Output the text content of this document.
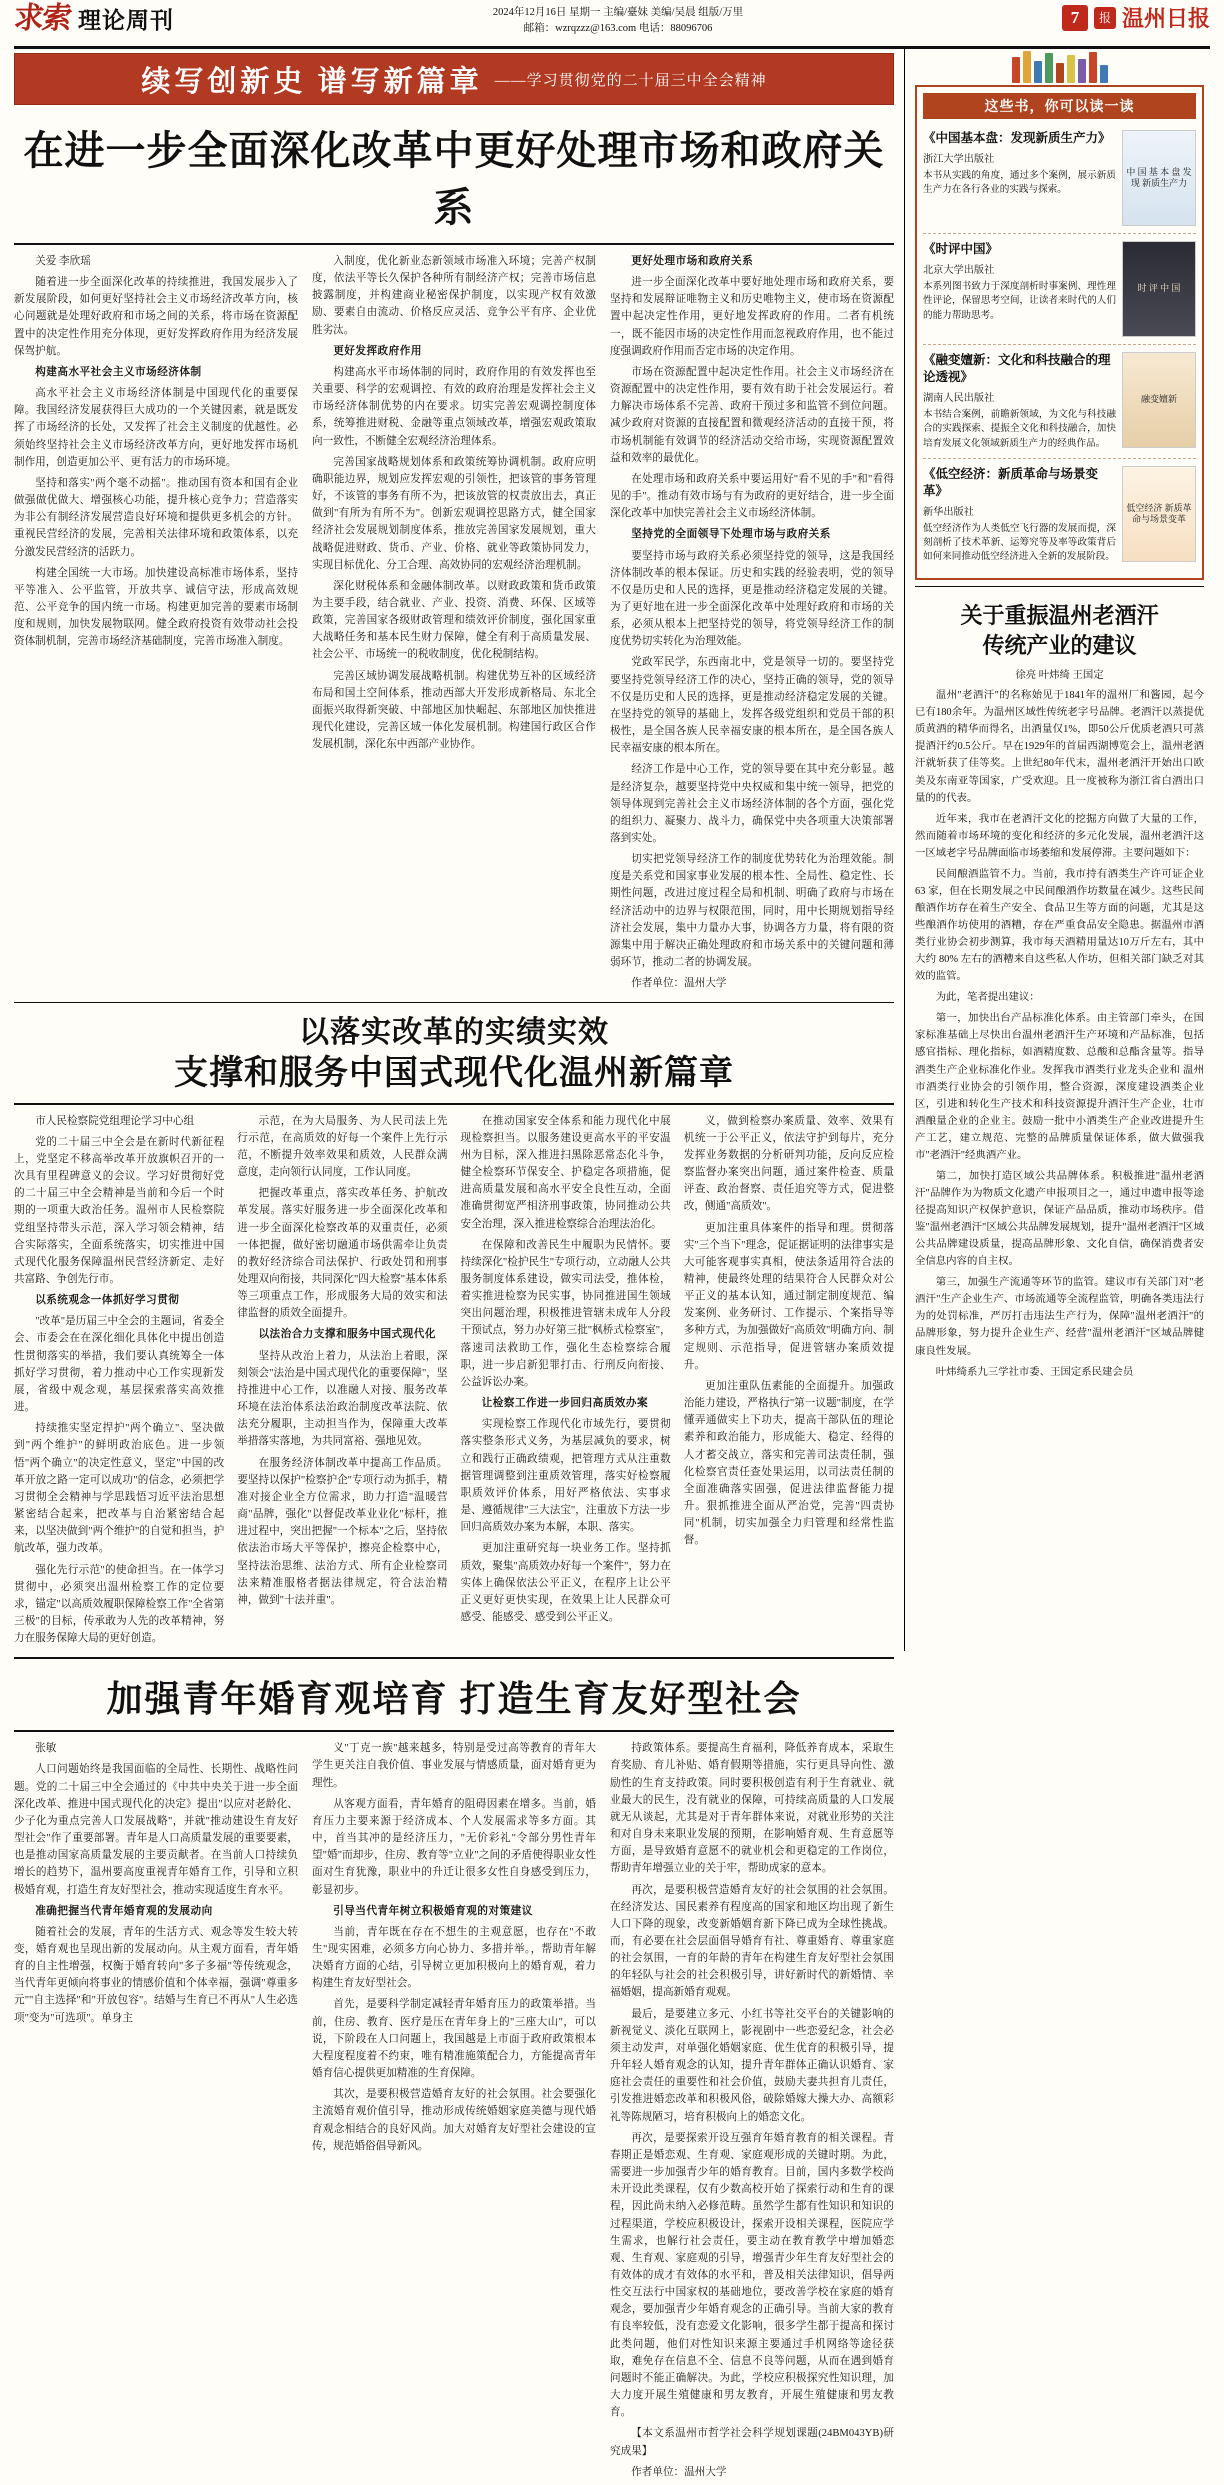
求索 理论周刊	2024年12月16日 星期一 主编/臺妹 美编/吴晨 组版/万里
邮箱：wzrqzzz@163.com 电话：88096706
7	报 温州日报
续写创新史 谱写新篇章 ——学习贯彻党的二十届三中全会精神
在进一步全面深化改革中更好处理市场和政府关系

关爱 李欣瑶

随着进一步全面深化改革的持续推进，我国发展步入了新发展阶段，如何更好坚持社会主义市场经济改革方向，核心问题就是处理好政府和市场之间的关系，将市场在资源配置中的决定性作用充分体现，更好发挥政府作用为经济发展保驾护航。

构建高水平社会主义市场经济体制

高水平社会主义市场经济体制是中国现代化的重要保障。我国经济发展获得巨大成功的一个关键因素，就是既发挥了市场经济的长处，又发挥了社会主义制度的优越性。必须始终坚持社会主义市场经济改革方向，更好地发挥市场机制作用，创造更加公平、更有活力的市场环境。

坚持和落实"两个毫不动摇"。推动国有资本和国有企业做强做优做大、增强核心功能，提升核心竞争力；营造落实为非公有制经济发展营造良好环境和提供更多机会的方针。重视民营经济的发展，完善相关法律环境和政策体系，以充分激发民营经济的活跃力。

构建全国统一大市场。加快建设高标准市场体系，坚持平等准入、公平监管，开放共享、诚信守法，形成高效规范、公平竞争的国内统一市场。构建更加完善的要素市场制度和规则，加快发展物联网。健全政府投资有效带动社会投资体制机制，完善市场经济基础制度，完善市场准入制度。

入制度，优化新业态新领域市场准入环境；完善产权制度，依法平等长久保护各种所有制经济产权；完善市场信息披露制度，并构建商业秘密保护制度，以实现产权有效激励、要素自由流动、价格反应灵活、竞争公平有序、企业优胜劣汰。

更好发挥政府作用

构建高水平市场体制的同时，政府作用的有效发挥也至关重要、科学的宏观调控、有效的政府治理是发挥社会主义市场经济体制优势的内在要求。切实完善宏观调控制度体系，统筹推进财税、金融等重点领域改革，增强宏观政策取向一致性，不断健全宏观经济治理体系。

完善国家战略规划体系和政策统筹协调机制。政府应明确职能边界，规划应发挥宏观的引领性，把该管的事务管理好，不该管的事务有所不为，把该放管的权责放出去，真正做到"有所为有所不为"。创新宏观调控思路方式，健全国家经济社会发展规划制度体系，推放完善国家发展规划，重大战略促进财政、货币、产业、价格、就业等政策协同发力，实现目标优化、分工合理、高效协同的宏观经济治理机制。

深化财税体系和金融体制改革。以财政政策和货币政策为主要手段，结合就业、产业、投资、消费、环保、区域等政策，完善国家各级财政管理和绩效评价制度，强化国家重大战略任务和基本民生财力保障，健全有利于高质量发展、社会公平、市场统一的税收制度，优化税制结构。

完善区域协调发展战略机制。构建优势互补的区域经济布局和国土空间体系，推动西部大开发形成新格局、东北全面振兴取得新突破、中部地区加快崛起、东部地区加快推进现代化建设，完善区域一体化发展机制。构建国行政区合作发展机制，深化东中西部产业协作。

更好处理市场和政府关系

进一步全面深化改革中要好地处理市场和政府关系，要坚持和发展辩证唯物主义和历史唯物主义，使市场在资源配置中起决定性作用，更好地发挥政府的作用。二者有机统一，既不能因市场的决定性作用而忽视政府作用，也不能过度强调政府作用而否定市场的决定作用。

市场在资源配置中起决定性作用。社会主义市场经济在资源配置中的决定性作用，要有效有助于社会发展运行。着力解决市场体系不完善、政府干预过多和监管不到位问题。减少政府对资源的直接配置和微观经济活动的直接干预，将市场机制能有效调节的经济活动交给市场，实现资源配置效益和效率的最优化。

在处理市场和政府关系中要运用好"看不见的手"和"看得见的手"。推动有效市场与有为政府的更好结合，进一步全面深化改革中加快完善社会主义市场经济体制。

坚持党的全面领导下处理市场与政府关系

要坚持市场与政府关系必须坚持党的领导，这是我国经济体制改革的根本保证。历史和实践的经验表明，党的领导不仅是历史和人民的选择，更是推动经济稳定发展的关键。为了更好地在进一步全面深化改革中处理好政府和市场的关系，必须从根本上把坚持党的领导，将党领导经济工作的制度优势切实转化为治理效能。

党政军民学，东西南北中，党是领导一切的。要坚持党要坚持党领导经济工作的决心，坚持正确的领导，党的领导不仅是历史和人民的选择，更是推动经济稳定发展的关键。在坚持党的领导的基础上，发挥各级党组织和党员干部的积极性，是全国各族人民幸福安康的根本所在，是全国各族人民幸福安康的根本所在。

经济工作是中心工作，党的领导要在其中充分彰显。越是经济复杂，越要坚持党中央权威和集中统一领导，把党的领导体现到完善社会主义市场经济体制的各个方面，强化党的组织力、凝聚力、战斗力，确保党中央各项重大决策部署落到实处。

切实把党领导经济工作的制度优势转化为治理效能。制度是关系党和国家事业发展的根本性、全局性、稳定性、长期性问题，改进过度过程全局和机制、明确了政府与市场在经济活动中的边界与权限范围，同时，用中长期规划指导经济社会发展，集中力量办大事，协调各方力量，将有限的资源集中用于解决正确处理政府和市场关系中的关键问题和薄弱环节，推动二者的协调发展。

作者单位：温州大学

以落实改革的实绩实效
支撑和服务中国式现代化温州新篇章

市人民检察院党组理论学习中心组

党的二十届三中全会是在新时代新征程上，党坚定不移高举改革开放旗帜召开的一次具有里程碑意义的会议。学习好贯彻好党的二十届三中全会精神是当前和今后一个时期的一项重大政治任务。温州市人民检察院党组坚持带头示范，深入学习领会精神，结合实际落实，全面系统落实，切实推进中国式现代化服务保障温州民营经济新定、走好共富路、争创先行市。

以系统观念一体抓好学习贯彻

"改革"是历届三中全会的主题词，省委全会、市委会在在深化细化具体化中提出创造性贯彻落实的举措，我们要认真统筹全一体抓好学习贯彻，着力推动中心工作实现新发展，省级中观念观，基层探索落实高效推进。

持续推实坚定捍护"两个确立"、坚决做到"两个维护"的鲜明政治底色。进一步领悟"两个确立"的决定性意义，坚定"中国的改革开放之路一定可以成功"的信念，必须把学习贯彻全会精神与学思践悟习近平法治思想紧密结合起来，把改革与自治紧密结合起来，以坚决做到"两个维护"的自觉和担当，护航改革，强力改革。

强化先行示范"的使命担当。在一体学习贯彻中，必须突出温州检察工作的定位要求，锚定"以高质效履职保障检察工作"全省第三极"的目标，传承敢为人先的改革精神，努力在服务保障大局的更好创造。

示范，在为大局服务、为人民司法上先行示范，在高质效的好每一个案件上先行示范，不断提升效率效果和质效，人民群众满意度，走向领行认同度，工作认同度。

把握改革重点，落实改革任务、护航改革发展。落实好服务进一步全面深化改革和进一步全面深化检察改革的双重责任，必须一体把握，做好密切融通市场供需牵让负责的教好经济综合司法保护、行政处罚和刑事处理双向衔接，共同深化"四大检察"基本体系等三项重点工作，形成服务大局的效实和法律监督的质效全面提升。

以法治合力支撑和服务中国式现代化

坚持从改治上着力，从法治上着眼，深刻领会"法治是中国式现代化的重要保障"，坚持推进中心工作，以准融人对接、服务改革环境在法治体系法治政治制度改革法院、依法充分履职，主动担当作为，保障重大改革举措落实落地，为共同富裕、强地见效。

在服务经济体制改革中提高工作品质。要坚持以保护"检察护企"专项行动为抓手，精准对接企业全方位需求，助力打造"温暖营商"品牌，强化"以督促改革业业化"标杆，推进过程中，突出把握"一个标本"之后，坚持依依法治市场大平等保护，擦亮企检察中心，坚持法治思维、法治方式、所有企业检察司法来精准服格者据法律规定，符合法治精神，做到"十法并重"。

在推动国家安全体系和能力现代化中展现检察担当。以服务建设更高水平的平安温州为目标，深入推进扫黑除恶常态化斗争，健全检察环节保安全、护稳定各项措施，促进高质量发展和高水平安全良性互动，全面准确贯彻宽严相济刑事政策，协同推动公共安全治理，深入推进检察综合治理法治化。

在保障和改善民生中履职为民情怀。要持续深化"检护民生"专项行动，立动融人公共服务制度体系建设，做实司法受，推体检，着实推进检察为民实事，协同推进国生领域突出问题治理，积极推进管辖未成年人分段干预试点，努力办好第三批"枫桥式检察室"，落速司法救助工作，强化生态检察综合履职，进一步启新犯罪打击、行刑反向衔接、公益诉讼办案。

让检察工作进一步回归高质效办案

实现检察工作现代化市域先行，要贯彻落实整条形式义务，为基层减负的要求，树立和践行正确政绩观，把管理方式从注重数据管理调整到注重质效管理，落实好检察履职质效评价体系，用好严格依法、实事求是、遵循规律"三大法宝"，注重放下方法一步回归高质效办案为本解，本职、落实。

更加注重研究每一块业务工作。坚持抓质效，聚集"高质效办好每一个案件"，努力在实体上确保依法公平正义，在程序上让公平正义更好更快实现，在效果上让人民群众可感受、能感受、感受到公平正义。

义，做到检察办案质量、效率、效果有机统一于公平正义，依法守护到每片，充分发挥业务数据的分析研判功能，反向反应检察监督办案突出问题，通过案件检查、质量评查、政治督察、责任追究等方式，促进整改，侧通"高质效"。

更加注重具体案件的指导和理。贯彻落实"三个当下"理念，促证据证明的法律事实是大可能客观事实真相，使法条适用符合法的精神，使最终处理的结果符合人民群众对公平正义的基本认知，通过制定制度规范、编发案例、业务研讨、工作提示、个案指导等多种方式，为加强做好"高质效"明确方向、制定规则、示范指导，促进管辖办案质效提升。

更加注重队伍素能的全面提升。加强政治能力建设，严格执行"第一议题"制度，在学懂弄通做实上下功夫，提高干部队伍的理论素养和政治能力，形成能大、稳定、经得的人才蓄交战立，落实和完善司法责任制，强化检察官责任查处果运用，以司法责任制的全面准确落实固强，促进法律监督能力提升。狠抓推进全面从严治党，完善"四责协同"机制，切实加强全力归管理和经常性监督。

这些书，你可以读一读
《中国基本盘：发现新质生产力》
浙江大学出版社
本书从实践的角度，通过多个案例，展示新质生产力在各行各业的实践与探索。
中 国 基 本 盘 发现 新质生产力
《时评中国》
北京大学出版社
本系列图书致力于深度剖析时事案例、理性理性评论，保留思考空间，让读者来时代的人们的能力帮助思考。
时 评 中 国
《融变嬗新：文化和科技融合的理论透视》
湖南人民出版社
本书结合案例，前瞻新领域，为文化与科技融合的实践探索、提振全文化和科技融合，加快培育发展文化领域新质生产力的经典作品。
融变嬗新
《低空经济：新质革命与场景变革》
新华出版社
低空经济作为人类低空飞行器的发展而提，深刻剖析了技术革新、运筹究等及率等政策背后如何来同推动低空经济进入全新的发展阶段。
低空经济 新质革命与场景变革
关于重振温州老酒汗
传统产业的建议
徐亮 叶炜绮 王国定

温州"老酒汗"的名称始见于1841年的温州厂和酱园，起今已有180余年。为温州区域性传统老字号品牌。老酒汗以蒸提优质黄酒的精华而得名，出酒量仅1%，即50公斤优质老酒只可蒸提酒汗约0.5公斤。早在1929年的首届西湖博览会上，温州老酒汗就斩获了佳等奖。上世纪80年代末，温州老酒汗开始出口欧美及东南亚等国家，广受欢迎。且一度被称为浙江省白酒出口量的的代表。

近年来，我市在老酒汗文化的挖掘方向做了大量的工作，然而随着市场环境的变化和经济的多元化发展，温州老酒汗这一区域老字号品牌面临市场萎缩和发展停滞。主要问题如下：

民间酿酒监管不力。当前，我市持有酒类生产许可证企业 63 家，但在长期发展之中民间酿酒作坊数量在减少。这些民间酿酒作坊存在着生产安全、食品卫生等方面的问题，尤其是这些酿酒作坊使用的酒糟，存在严重食品安全隐患。据温州市酒类行业协会初步测算，我市每天酒精用量达10万斤左右，其中大约 80% 左右的酒糟来自这些私人作坊，但相关部门缺乏对其效的监管。

为此，笔者提出建议：

第一，加快出台产品标准化体系。由主管部门牵头，在国家标准基础上尽快出台温州老酒汗生产环境和产品标准，包括感官指标、理化指标，如酒精度数、总酸和总酯含量等。指导酒类生产企业标准化作业。发挥我市酒类行业龙头企业和 温州市酒类行业协会的引领作用，整合资源，深度建设酒类企业区，引进和转化生产技术和科技资源提升酒汗生产企业，壮市酒酿量企业的企业主。鼓励一批中小酒类生产企业改进提升生产工艺，建立规范、完整的品牌质量保证体系，做大做强我市"老酒汗"经典酒产业。

第二，加快打造区域公共品牌体系。积极推进"温州老酒汗"品牌作为为物质文化遗产申报项目之一，通过申遗申报等途径提高知识产权保护意识，保证产品品质，推动市场秩序。借鉴"温州老酒汗"区域公共品牌发展规划，提升"温州老酒汗"区域公共品牌建设质量，提高品牌形象、文化自信，确保消费者安全信息内容的自主权。

第三，加强生产流通等环节的监管。建议市有关部门对"老酒汗"生产企业生产、市场流通等全流程监管，明确各类违法行为的处罚标准，严厉打击违法生产行为，保障"温州老酒汗"的品牌形象，努力提升企业生产、经营"温州老酒汗"区域品牌健康良性发展。

叶炜绮系九三学社市委、王国定系民建会员

加强青年婚育观培育 打造生育友好型社会

张敏

人口问题始终是我国面临的全局性、长期性、战略性问题。党的二十届三中全会通过的《中共中央关于进一步全面深化改革、推进中国式现代化的决定》提出"以应对老龄化、少子化为重点完善人口发展战略"，并就"推动建设生育友好型社会"作了重要部署。青年是人口高质量发展的重要要素，也是推动国家高质量发展的主要贡献者。在当前人口持续负增长的趋势下，温州要高度重视青年婚育工作，引导和立积极婚育观，打造生育友好型社会，推动实现适度生育水平。

准确把握当代青年婚育观的发展动向

随着社会的发展，青年的生活方式、观念等发生较大转变，婚育观也呈现出新的发展动向。从主观方面看，青年婚育的自主性增强，权衡于婚育转向"多子多福"等传统观念，当代青年更倾向将事业的情感价值和个体幸福，强调"尊重多元""自主选择"和"开放包容"。结婚与生育已不再从"人生必选项"变为"可选项"。单身主

义"丁克一族"越来越多，特别是受过高等教育的青年大学生更关注自我价值、事业发展与情感质量，面对婚育更为理性。

从客观方面看，青年婚育的阻碍因素在增多。当前，婚育压力主要来源于经济成本、个人发展需求等多方面。其中，首当其冲的是经济压力，"无价彩礼"令部分男性青年望"婚"而却步，住房、教育等"立业"之间的矛盾使得职业女性面对生育犹豫，职业中的升迁让很多女性自身感受到压力，彰显初步。

引导当代青年树立积极婚育观的对策建议

当前，青年既在存在不想生的主观意愿，也存在"不敢生"现实困难，必须多方向心协力、多措并举。，帮助青年解决婚育方面的心结，引导树立更加积极向上的婚育观，着力构建生育友好型社会。

首先，是要科学制定减轻青年婚育压力的政策举措。当前，住房、教育、医疗是压在青年身上的"三座大山"，可以说，下阶段在人口问题上，我国越是上市面于政府政策根本大程度程度着不约束，唯有精准施策配合力，方能提高青年婚育信心提供更加精准的生育保障。

其次，是要积极营造婚育友好的社会氛围。社会要强化主流婚育观价值引导，推动形成传统婚姻家庭美德与现代婚育观念相结合的良好风尚。加大对婚育友好型社会建设的宣传，规范婚俗倡导新风。

持政策体系。要提高生育福利，降低养育成本，采取生育奖励、育儿补贴、婚育假期等措施，实行更具导向性、激励性的生育支持政策。同时要积极创造有利于生育就业、就业最大的民生，没有就业的保障，可持续高质量的人口发展就无从谈起，尤其是对于青年群体来说，对就业形势的关注和对自身未来职业发展的预期，在影响婚育观、生育意愿等方面，是导致婚育意愿不的就业机会和更稳定的工作岗位，帮助青年增强立业的关于牢，帮助成家的意本。

再次，是要积极营造婚育友好的社会氛围的社会氛围。在经济发达、国民素养有程度高的国家和地区均出现了新生人口下降的现象，改变新婚姻育新下降已成为全球性挑战。而，有必要在社会层面倡导婚育有社、尊重婚育、尊重家庭的社会氛围，一育的年龄的青年在构建生育友好型社会氛围的年轻队与社会的社会积极引导，讲好新时代的新婚情、幸福婚姻，提高新婚育观观。

最后，是要建立多元、小红书等社交平台的关键影响的新视觉义、淡化互联网上，影视剧中一些恋爱纪念，社会必须主动发声，对单强化婚姻家庭、优生优育的积极引导，提升年轻人婚育观念的认知，提升青年群体正确认识婚育、家庭社会责任的重要性和社会价值，鼓励夫妻共担育儿责任，引发推进婚恋改革和积极风俗，破除婚嫁大操大办、高额彩礼等陈规陋习，培育积极向上的婚恋文化。

再次，是要探索开设互强育年婚育教育的相关课程。青春期正是婚恋观、生育观、家庭观形成的关键时期。为此，需要进一步加强青少年的婚育教育。目前，国内多数学校尚未开设此类课程，仅有少数高校开始了探索行动和生育的课程，因此尚未纳入必修范畴。虽然学生都有性知识和知识的过程渠道，学校应积极设计，探索开设相关课程，医院应学生需求，也解行社会责任，要主动在教育教学中增加婚恋观、生育观、家庭观的引导，增强青少年生育友好型社会的有效体的成才有效体的水平和，普及相关法律知识，倡导两性交互法行中国家权的基础地位，要改善学校在家庭的婚育观念，要加强青少年婚育观念的正确引导。当前大家的教育有良率较低，没有恋爱文化影响，很多学生都于提高和探讨此类问题，他们对性知识来源主要通过手机网络等途径获取，难免存在信息不全、信息不良等问题，从而在遇到婚育问题时不能正确解决。为此，学校应积极探究性知识理，加大力度开展生殖健康和男友教育，开展生殖健康和男友教育。

【本文系温州市哲学社会科学规划课题(24BM043YB)研究成果】

作者单位：温州大学
